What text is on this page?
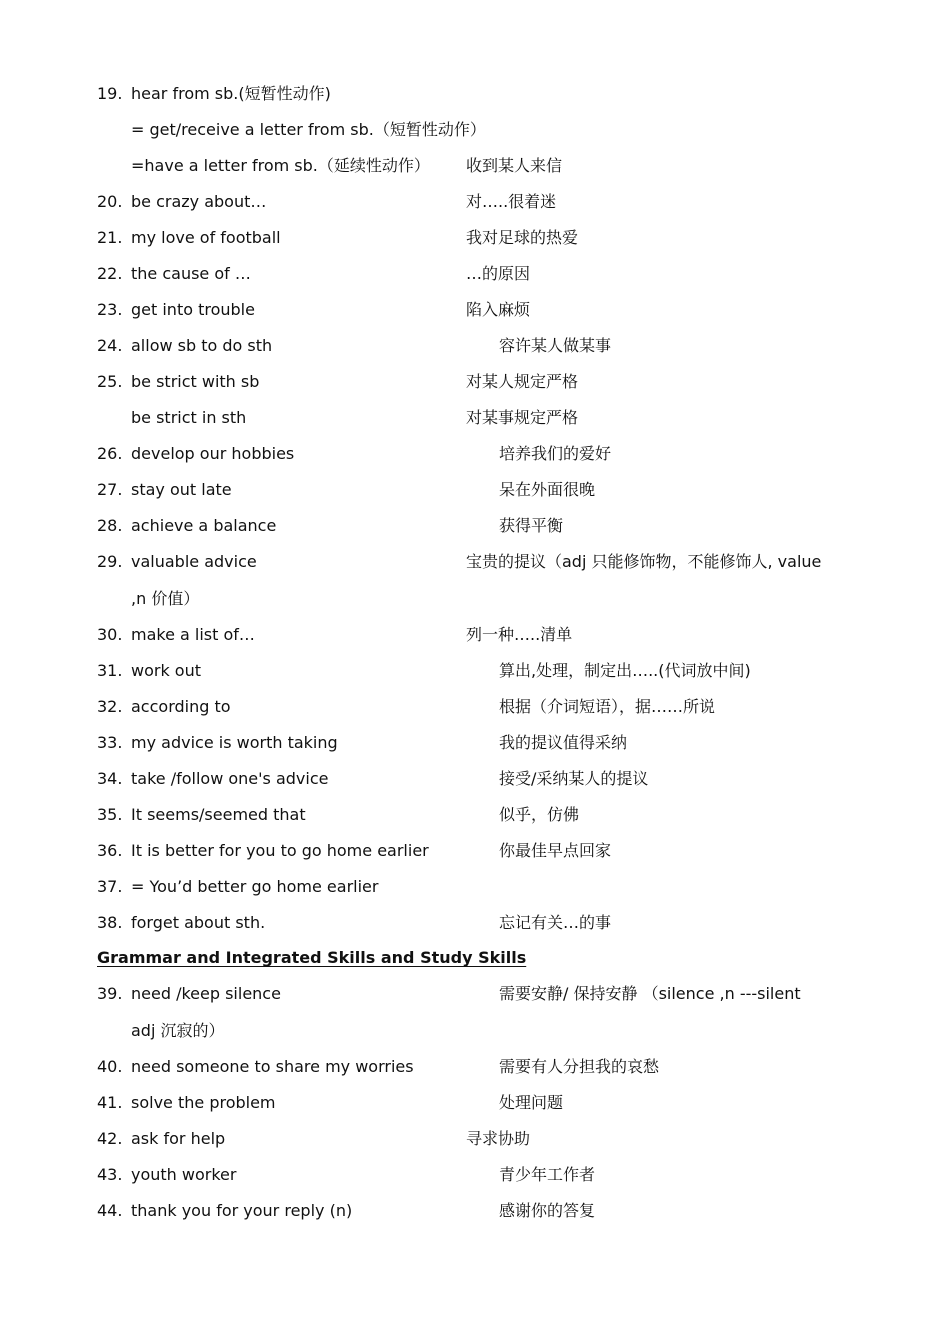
19. hear from sb.(短暂性动作)
= get/receive a letter from sb.（短暂性动作）
=have a letter from sb.（延续性动作） 收到某人来信
20. be crazy about…	对…..很着迷
21. my love of football	我对足球的热爱
22. the cause of …	…的原因
23. get into trouble	陷入麻烦
24. allow sb to do sth	容许某人做某事
25. be strict with sb	对某人规定严格
be strict in sth	对某事规定严格
26. develop our hobbies	培养我们的爱好
27. stay out late	呆在外面很晚
28. achieve a balance	获得平衡
29. valuable advice	宝贵的提议（adj 只能修饰物，不能修饰人, value
,n 价值）
30. make a list of…	列一种…..清单
31. work out	算出,处理，制定出…..(代词放中间)
32. according to	根据（介词短语），据……所说
33. my advice is worth taking	我的提议值得采纳
34. take /follow one's advice	接受/采纳某人的提议
35. It seems/seemed that	似乎，仿佛
36. It is better for you to go home earlier	你最佳早点回家
37. = You’d better go home earlier
38. forget about sth.	忘记有关…的事
Grammar and Integrated Skills and Study Skills
39. need /keep silence	需要安静/ 保持安静 （silence ,n ---silent
adj 沉寂的）
40. need someone to share my worries	需要有人分担我的哀愁
41. solve the problem	处理问题
42. ask for help	寻求协助
43. youth worker	青少年工作者
44. thank you for your reply (n)	感谢你的答复
